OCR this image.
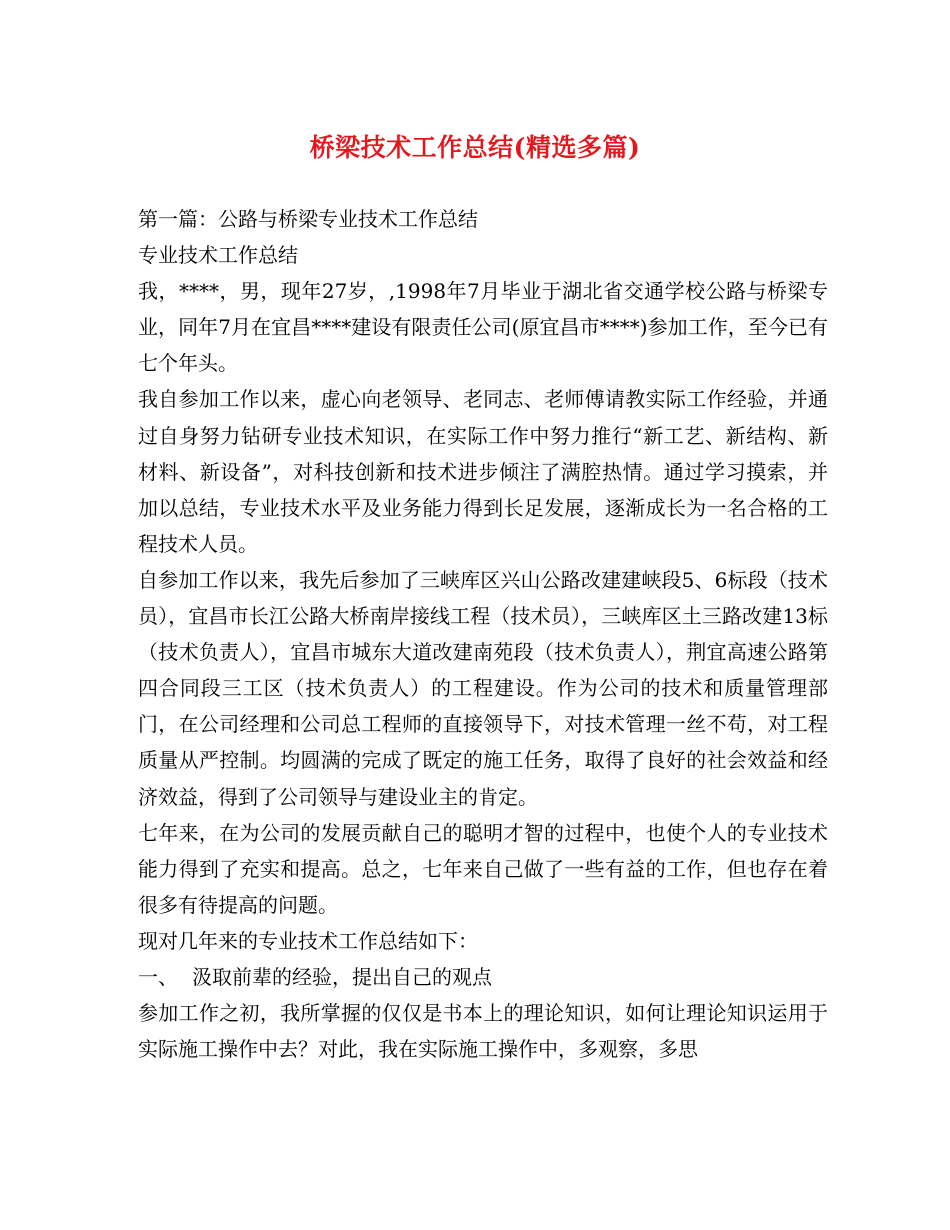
桥梁技术工作总结(精选多篇)

第一篇：公路与桥梁专业技术工作总结

专业技术工作总结

我，****，男，现年27岁，,1998年7月毕业于湖北省交通学校公路与桥梁专业，同年7月在宜昌****建设有限责任公司(原宜昌市****)参加工作，至今已有七个年头。

我自参加工作以来，虚心向老领导、老同志、老师傅请教实际工作经验，并通过自身努力钻研专业技术知识，在实际工作中努力推行“新工艺、新结构、新材料、新设备”，对科技创新和技术进步倾注了满腔热情。通过学习摸索，并加以总结，专业技术水平及业务能力得到长足发展，逐渐成长为一名合格的工程技术人员。

自参加工作以来，我先后参加了三峡库区兴山公路改建建峡段5、6标段（技术员），宜昌市长江公路大桥南岸接线工程（技术员），三峡库区土三路改建13标（技术负责人），宜昌市城东大道改建南苑段（技术负责人），荆宜高速公路第四合同段三工区（技术负责人）的工程建设。作为公司的技术和质量管理部门，在公司经理和公司总工程师的直接领导下，对技术管理一丝不苟，对工程质量从严控制。均圆满的完成了既定的施工任务，取得了良好的社会效益和经济效益，得到了公司领导与建设业主的肯定。

七年来，在为公司的发展贡献自己的聪明才智的过程中，也使个人的专业技术能力得到了充实和提高。总之，七年来自己做了一些有益的工作，但也存在着很多有待提高的问题。

现对几年来的专业技术工作总结如下：

一、 汲取前辈的经验，提出自己的观点

参加工作之初，我所掌握的仅仅是书本上的理论知识，如何让理论知识运用于实际施工操作中去？对此，我在实际施工操作中，多观察，多思
